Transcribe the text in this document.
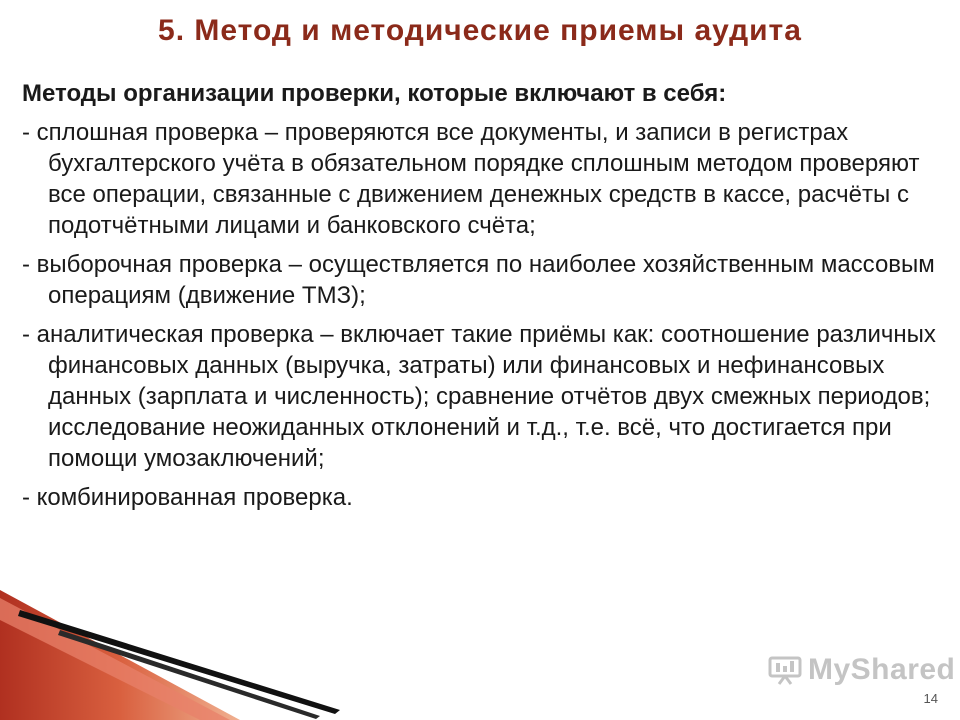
5. Метод и методические приемы аудита
Методы организации проверки, которые включают в себя:
- сплошная проверка – проверяются все документы, и записи в регистрах бухгалтерского учёта в обязательном порядке сплошным методом проверяют все операции, связанные с движением денежных средств в кассе, расчёты с подотчётными лицами и банковского счёта;
- выборочная проверка – осуществляется по наиболее хозяйственным массовым операциям (движение ТМЗ);
- аналитическая проверка – включает такие приёмы как: соотношение различных финансовых данных (выручка, затраты) или финансовых и нефинансовых данных (зарплата и численность); сравнение отчётов двух смежных периодов; исследование неожиданных отклонений и т.д., т.е. всё, что достигается при помощи умозаключений;
- комбинированная проверка.
MyShared
14
